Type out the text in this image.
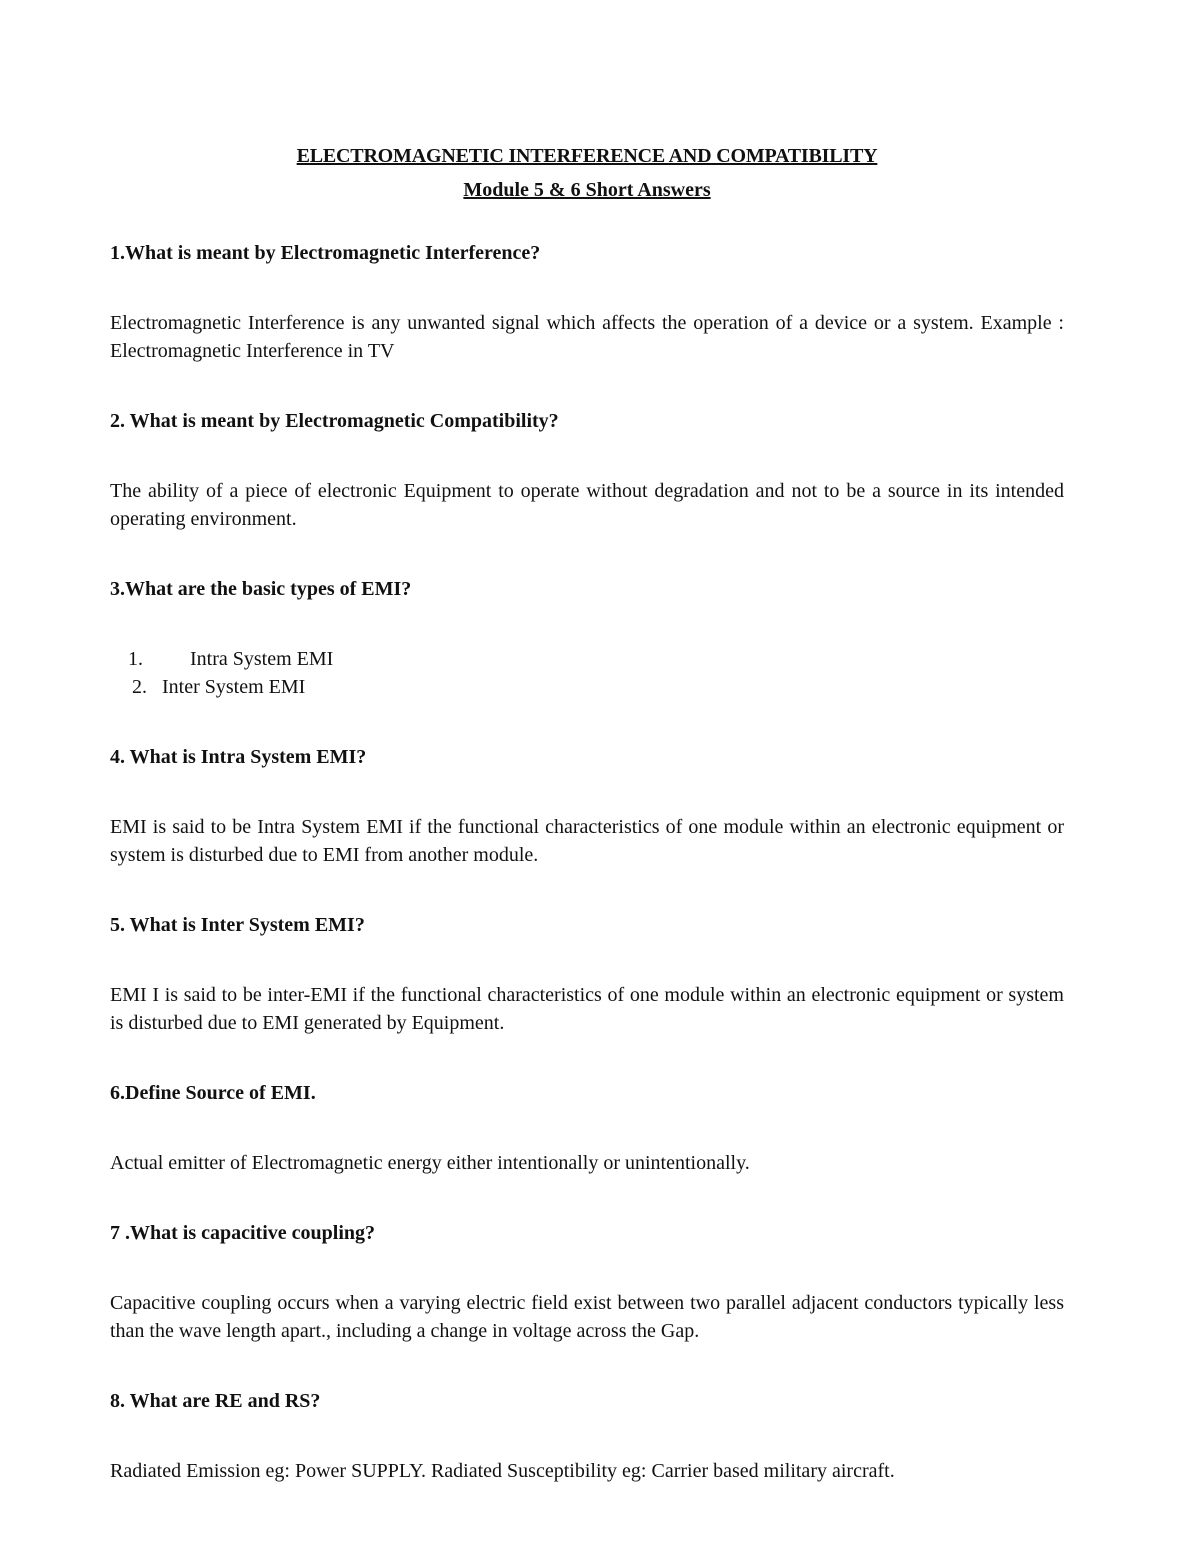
ELECTROMAGNETIC INTERFERENCE AND COMPATIBILITY
Module 5 & 6 Short Answers

1.What is meant by Electromagnetic Interference?

Electromagnetic Interference is any unwanted signal which affects the operation of a device or a system. Example : Electromagnetic Interference in TV

2. What is meant by Electromagnetic Compatibility?

The ability of a piece of electronic Equipment to operate without degradation and not to be a source in its intended operating environment.

3.What are the basic types of EMI?

1. Intra System EMI
2. Inter System EMI

4. What is Intra System EMI?

EMI is said to be Intra System EMI if the functional characteristics of one module within an electronic equipment or system is disturbed due to EMI from another module.

5. What is Inter System EMI?

EMI I is said to be inter-EMI if the functional characteristics of one module within an electronic equipment or system is disturbed due to EMI generated by Equipment.

6.Define Source of EMI.

Actual emitter of Electromagnetic energy either intentionally or unintentionally.

7 .What is capacitive coupling?

Capacitive coupling occurs when a varying electric field exist between two parallel adjacent conductors typically less than the wave length apart., including a change in voltage across the Gap.

8. What are RE and RS?

Radiated Emission eg: Power SUPPLY. Radiated Susceptibility eg: Carrier based military aircraft.
